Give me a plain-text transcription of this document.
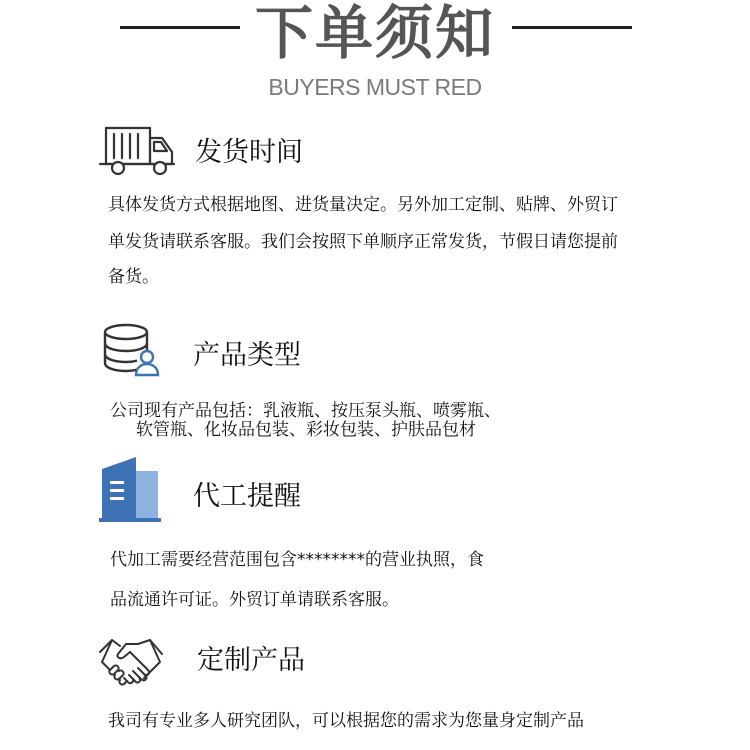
下单须知
BUYERS MUST RED
发货时间
具体发货方式根据地图、进货量决定。另外加工定制、贴牌、外贸订
单发货请联系客服。我们会按照下单顺序正常发货，节假日请您提前
备货。
产品类型
公司现有产品包括：乳液瓶、按压泵头瓶、喷雾瓶、
软管瓶、化妆品包装、彩妆包装、护肤品包材
代工提醒
代加工需要经营范围包含********的营业执照，食
品流通许可证。外贸订单请联系客服。
定制产品
我司有专业多人研究团队，可以根据您的需求为您量身定制产品
